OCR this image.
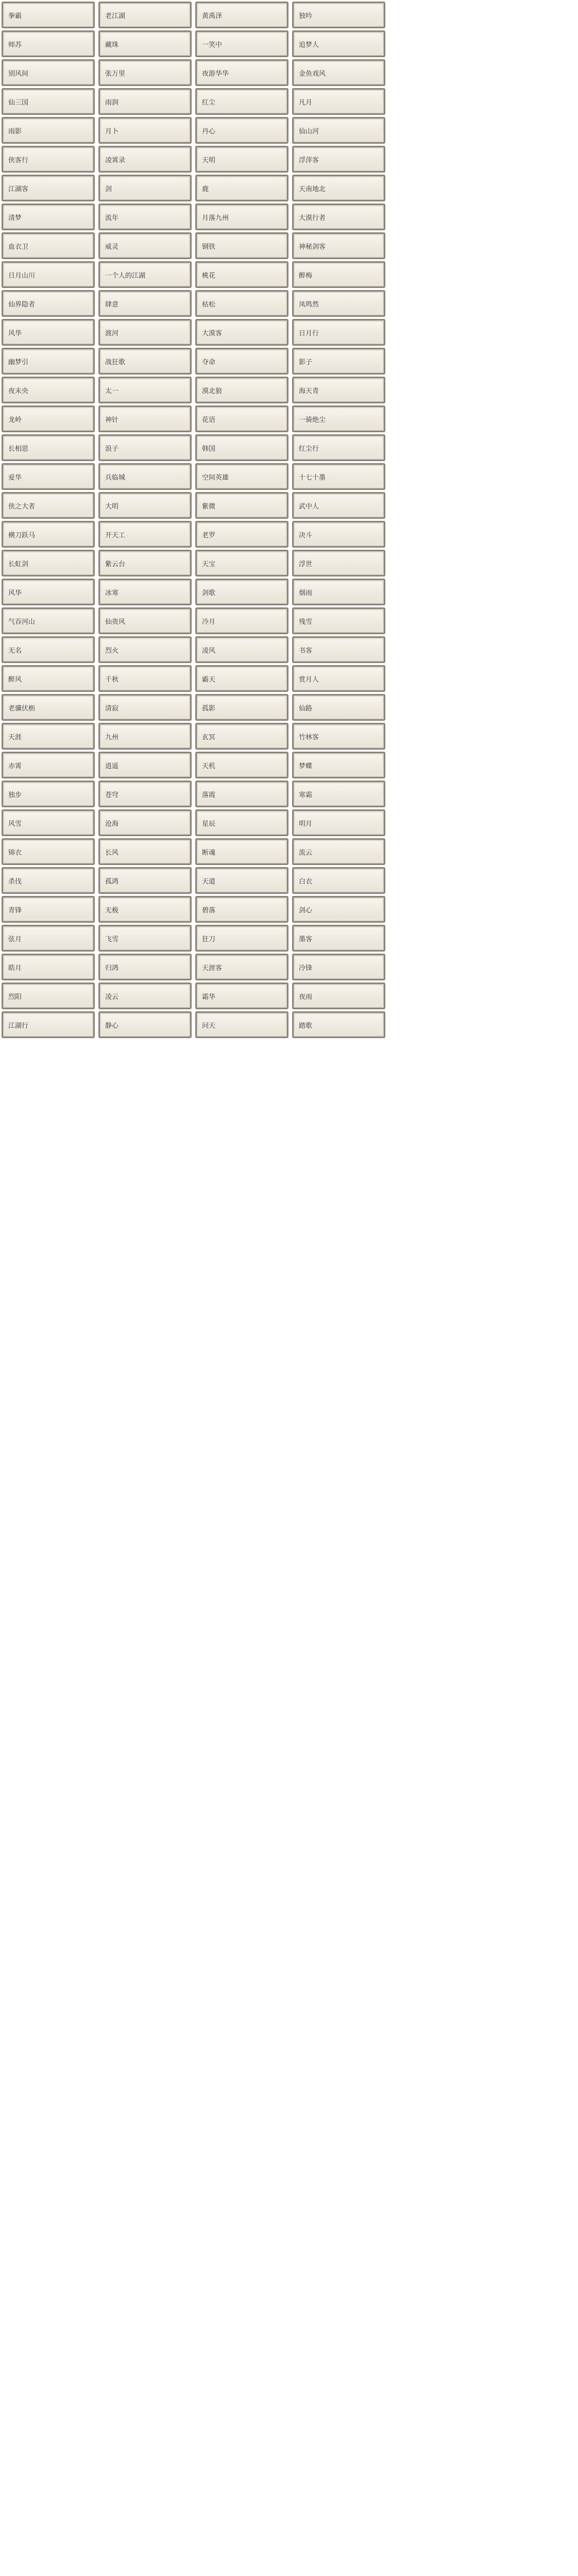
拳霸	老江湖	黄禹泽	独吟
师苏	藏珠	一笑中	追梦人
别风间	张万里	夜游华华	金鱼戏风
仙三国	雨润	红尘	凡月
雨影	月卜	丹心	仙山河
侠客行	凌霄录	天明	浮萍客
江湖客	剑	鹿	天南地北
清梦	流年	月落九州	大漠行者
血衣卫	威灵	钢铁	神秘剑客
日月山川	一个人的江湖	桃花	醉梅
仙界隐者	肆意	枯松	凤鸣然
风华	渡河	大漠客	日月行
幽梦引	战狂歌	夺命	影子
夜未央	太一	漠北狼	海天青
龙岭	神针	花语	一骑绝尘
长相思	浪子	韩国	红尘行
爱华	兵临城	空间英雄	十七十墨
侠之大者	大明	紫微	武中人
横刀跃马	开天工	老罗	决斗
长虹剑	紫云台	天宝	浮世
风华	冰寒	剑歌	烟雨
气吞河山	仙贵风	冷月	残雪
无名	烈火	凌风	书客
醉风	千秋	霸天	赏月人
老骥伏枥	清寂	孤影	仙路
天涯	九州	玄冥	竹林客
赤霄	逍遥	天机	梦蝶
独步	苍穹	落霞	寒霜
风雪	沧海	星辰	明月
锦衣	长风	断魂	流云
杀伐	孤鸿	天道	白衣
青锋	无极	碧落	剑心
弦月	飞雪	狂刀	墨客
皓月	归鸿	天涯客	冷锋
烈阳	凌云	霜华	夜雨
江湖行	静心	问天	踏歌
